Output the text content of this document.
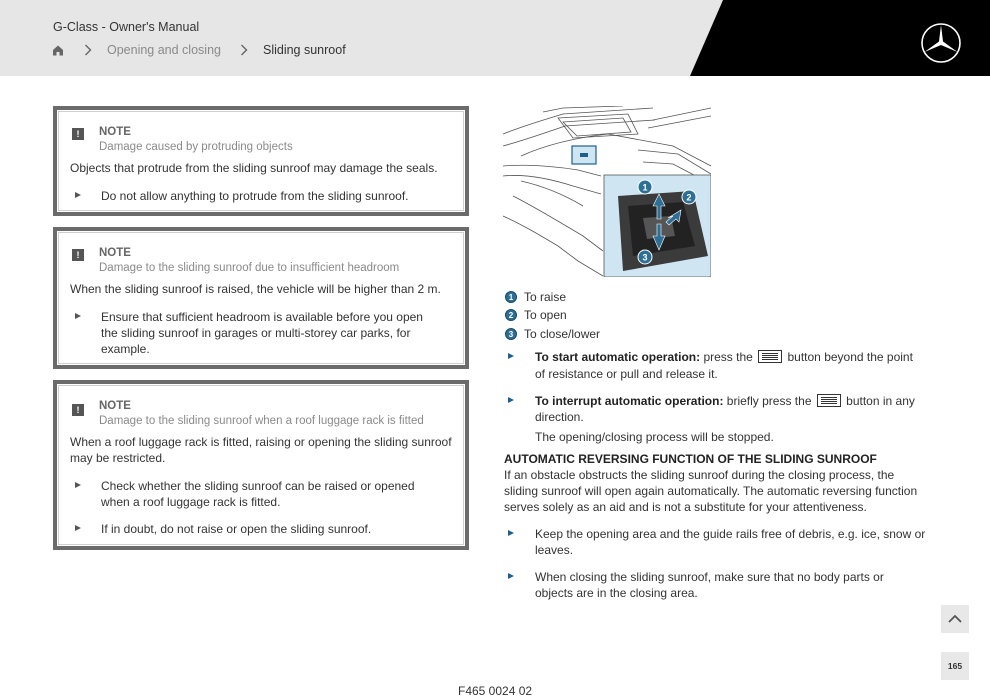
G-Class - Owner's Manual
Opening and closing	Sliding sunroof
!	NOTE
Damage caused by protruding objects
Objects that protrude from the sliding sunroof may damage the seals.
Do not allow anything to protrude from the sliding sunroof.
!	NOTE
Damage to the sliding sunroof due to insufficient headroom
When the sliding sunroof is raised, the vehicle will be higher than 2 m.
Ensure that sufficient headroom is available before you open the sliding sunroof in garages or multi-storey car parks, for example.
!	NOTE
Damage to the sliding sunroof when a roof luggage rack is fitted
When a roof luggage rack is fitted, raising or opening the sliding sunroof may be restricted.
Check whether the sliding sunroof can be raised or opened when a roof luggage rack is fitted.
If in doubt, do not raise or open the sliding sunroof.
1
2
3
1 To raise
2 To open
3 To close/lower
To start automatic operation: press the  button beyond the point
of resistance or pull and release it.
To interrupt automatic operation: briefly press the  button in any
direction.
The opening/closing process will be stopped.
AUTOMATIC REVERSING FUNCTION OF THE SLIDING SUNROOF
If an obstacle obstructs the sliding sunroof during the closing process, the
sliding sunroof will open again automatically. The automatic reversing function
serves solely as an aid and is not a substitute for your attentiveness.
Keep the opening area and the guide rails free of debris, e.g. ice, snow or
leaves.
When closing the sliding sunroof, make sure that no body parts or
objects are in the closing area.
165
F465 0024 02
